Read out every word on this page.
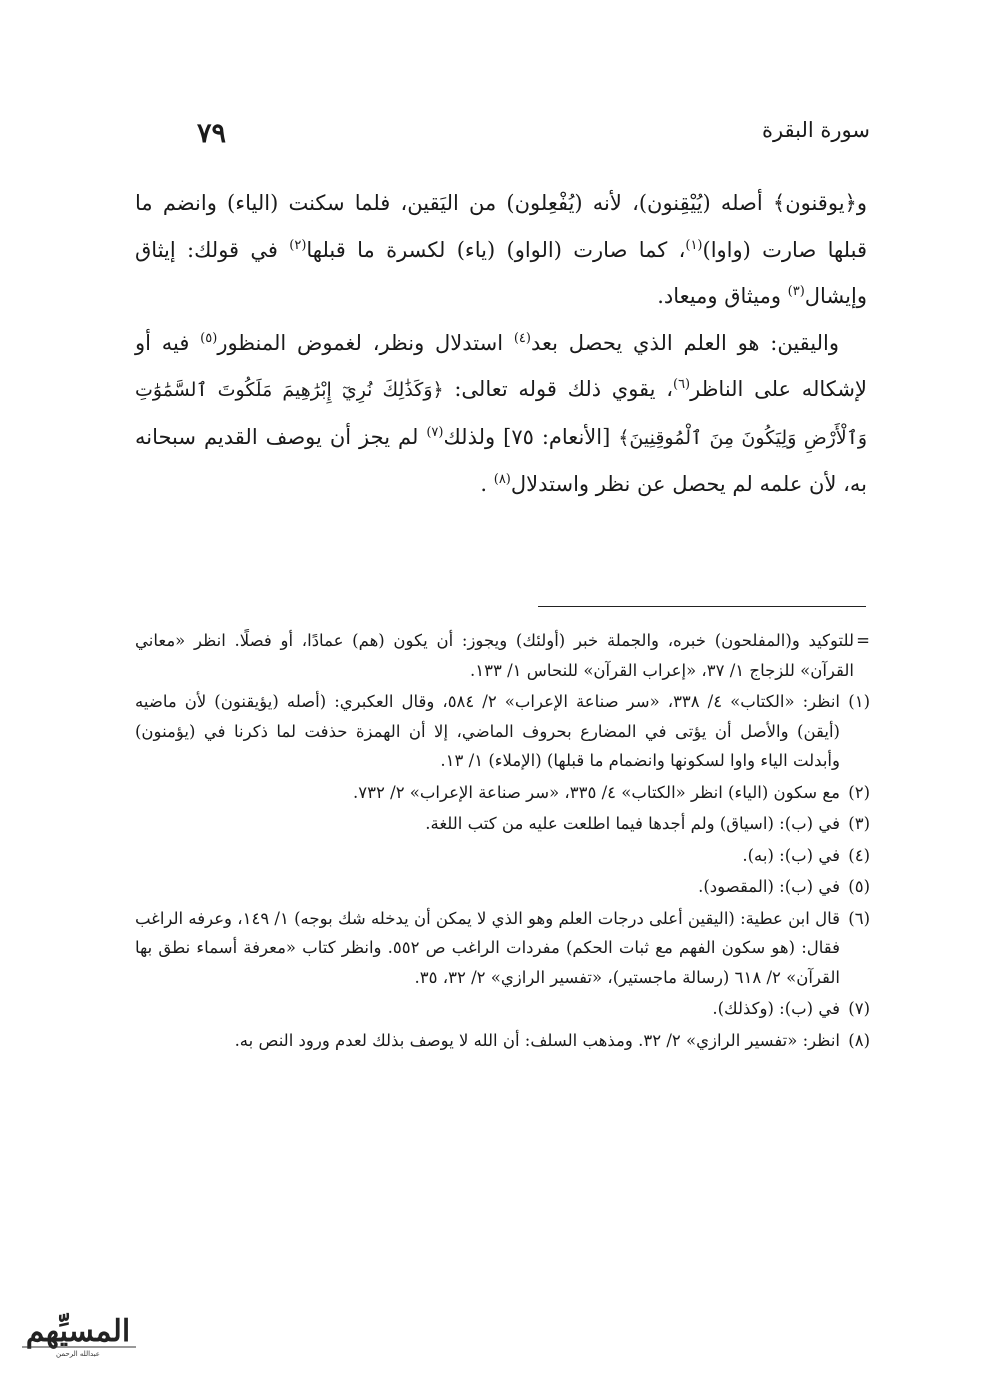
سورة البقرة
٧٩

و﴿يوقنون﴾ أصله (يُيْقِنون)، لأنه (يُفْعِلون) من اليَقين، فلما سكنت (الياء) وانضم ما قبلها صارت (واوا)$^{(١)}$، كما صارت (الواو) (ياء) لكسرة ما قبلها$^{(٢)}$ في قولك: إيثاق وإيشال$^{(٣)}$ وميثاق وميعاد.

واليقين: هو العلم الذي يحصل بعد$^{(٤)}$ استدلال ونظر، لغموض المنظور$^{(٥)}$ فيه أو لإشكاله على الناظر$^{(٦)}$، يقوي ذلك قوله تعالى: ﴿وَكَذَٰلِكَ نُرِيٓ إِبْرَٰهِيمَ مَلَكُوتَ ٱلسَّمَٰوَٰتِ وَٱلْأَرْضِ وَلِيَكُونَ مِنَ ٱلْمُوقِنِينَ﴾ [الأنعام: ٧٥] ولذلك$^{(٧)}$ لم يجز أن يوصف القديم سبحانه به، لأن علمه لم يحصل عن نظر واستدلال$^{(٨)}$ .

=
للتوكيد و(المفلحون) خبره، والجملة خبر (أولئك) ويجوز: أن يكون (هم) عمادًا، أو فصلًا. انظر «معاني القرآن» للزجاج ١/ ٣٧، «إعراب القرآن» للنحاس ١/ ١٣٣.
(١)
انظر: «الكتاب» ٤/ ٣٣٨، «سر صناعة الإعراب» ٢/ ٥٨٤، وقال العكبري: (أصله (يؤيقنون) لأن ماضيه (أيقن) والأصل أن يؤتى في المضارع بحروف الماضي، إلا أن الهمزة حذفت لما ذكرنا في (يؤمنون) وأبدلت الياء واوا لسكونها وانضمام ما قبلها) (الإملاء) ١/ ١٣.
(٢)
مع سكون (الياء) انظر «الكتاب» ٤/ ٣٣٥، «سر صناعة الإعراب» ٢/ ٧٣٢.
(٣)
في (ب): (اسياق) ولم أجدها فيما اطلعت عليه من كتب اللغة.
(٤)
في (ب): (به).
(٥)
في (ب): (المقصود).
(٦)
قال ابن عطية: (اليقين أعلى درجات العلم وهو الذي لا يمكن أن يدخله شك بوجه) ١/ ١٤٩، وعرفه الراغب فقال: (هو سكون الفهم مع ثبات الحكم) مفردات الراغب ص ٥٥٢. وانظر كتاب «معرفة أسماء نطق بها القرآن» ٢/ ٦١٨ (رسالة ماجستير)، «تفسير الرازي» ٢/ ٣٢، ٣٥.
(٧)
في (ب): (وكذلك).
(٨)
انظر: «تفسير الرازي» ٢/ ٣٢. ومذهب السلف: أن الله لا يوصف بذلك لعدم ورود النص به.
المسيِّهم
عبدالله الرحمن
